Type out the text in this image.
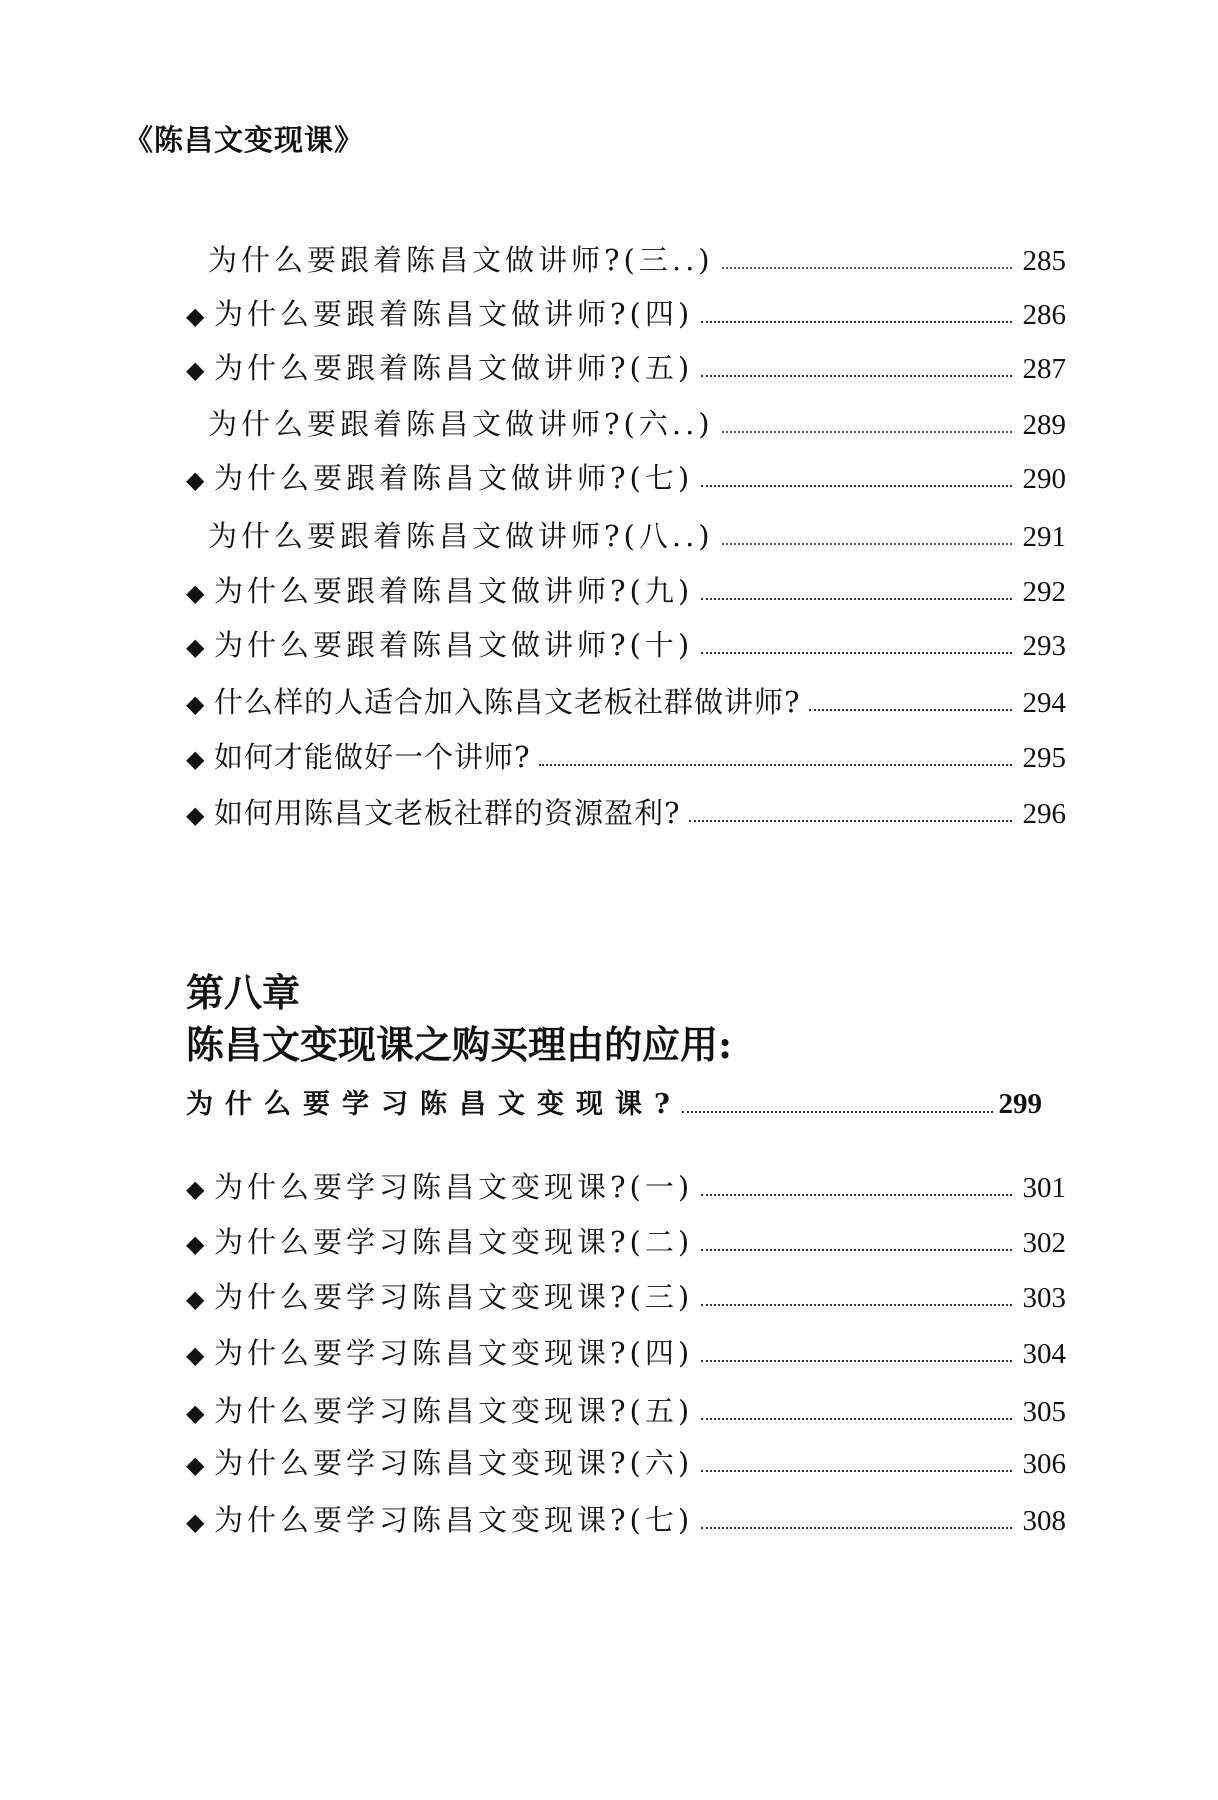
《陈昌文变现课》
为什么要跟着陈昌文做讲师?(三..)	285
◆ 为什么要跟着陈昌文做讲师?(四)	286
◆ 为什么要跟着陈昌文做讲师?(五)	287
为什么要跟着陈昌文做讲师?(六..)	289
◆ 为什么要跟着陈昌文做讲师?(七)	290
为什么要跟着陈昌文做讲师?(八..)	291
◆ 为什么要跟着陈昌文做讲师?(九)	292
◆ 为什么要跟着陈昌文做讲师?(十)	293
◆ 什么样的人适合加入陈昌文老板社群做讲师?	294
◆ 如何才能做好一个讲师?	295
◆ 如何用陈昌文老板社群的资源盈利?	296
第八章
陈昌文变现课之购买理由的应用:
为什么要学习陈昌文变现课?	299
◆ 为什么要学习陈昌文变现课?(一)	301
◆ 为什么要学习陈昌文变现课?(二)	302
◆ 为什么要学习陈昌文变现课?(三)	303
◆ 为什么要学习陈昌文变现课?(四)	304
◆ 为什么要学习陈昌文变现课?(五)	305
◆ 为什么要学习陈昌文变现课?(六)	306
◆ 为什么要学习陈昌文变现课?(七)	308
